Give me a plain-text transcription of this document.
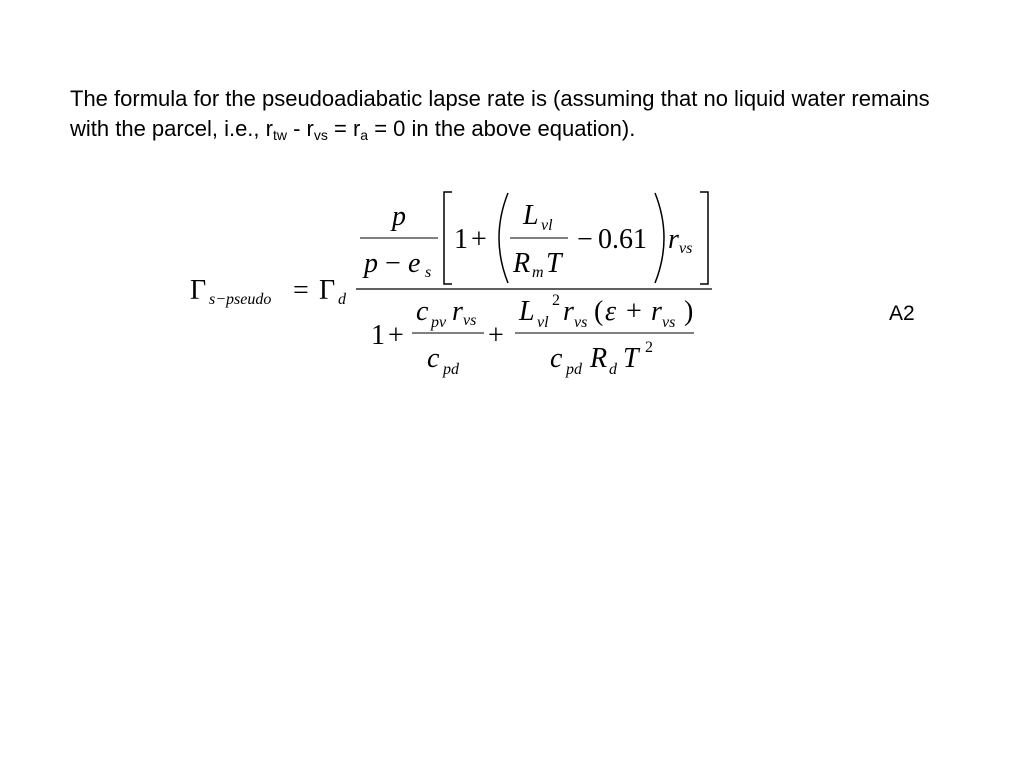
The formula for the pseudoadiabatic lapse rate is (assuming that no liquid water remains with the parcel, i.e., $r_{tw} - r_{vs} = r_a = 0$ in the above equation).

Γ s−pseudo = Γ d
p
p − e s
1 +
L vl
R m T
− 0.61 r vs
1 +
c pv r vs
c pd
+
L vl
2 r vs ( ε + r vs )
c pd R d T 2
A2
